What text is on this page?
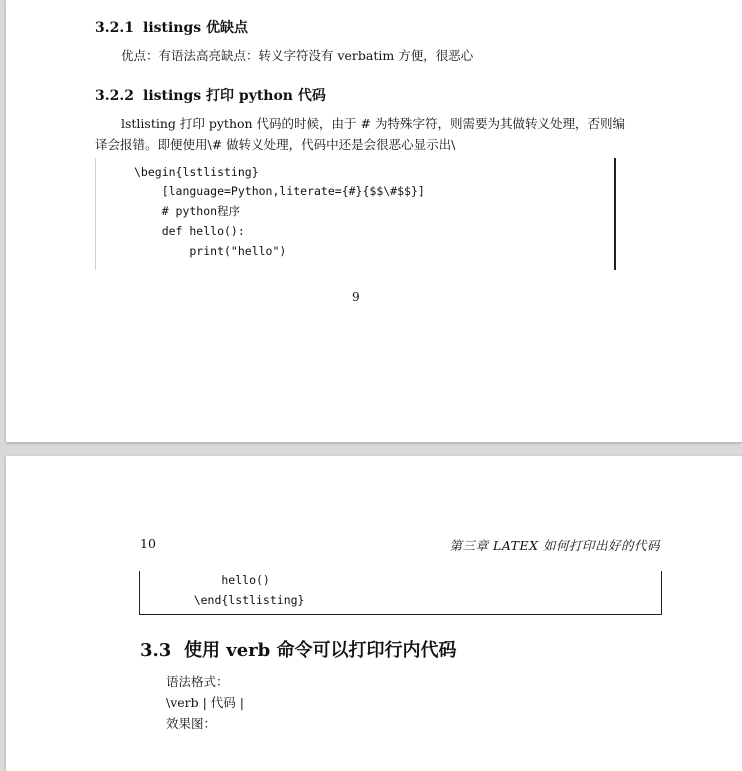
3.2.1 listings 优缺点
优点：有语法高亮缺点：转义字符没有 verbatim 方便，很恶心
3.2.2 listings 打印 python 代码
lstlisting 打印 python 代码的时候，由于 # 为特殊字符，则需要为其做转义处理，否则编
译会报错。即便使用\# 做转义处理，代码中还是会很恶心显示出\
\begin{lstlisting}
[language=Python,literate={#}{$$\#$$}]
# python程序
def hello():
print("hello")
9
10	第三章 LATEX 如何打印出好的代码
hello()
\end{lstlisting}
3.3 使用 verb 命令可以打印行内代码
语法格式：
\verb | 代码 |
效果图：
